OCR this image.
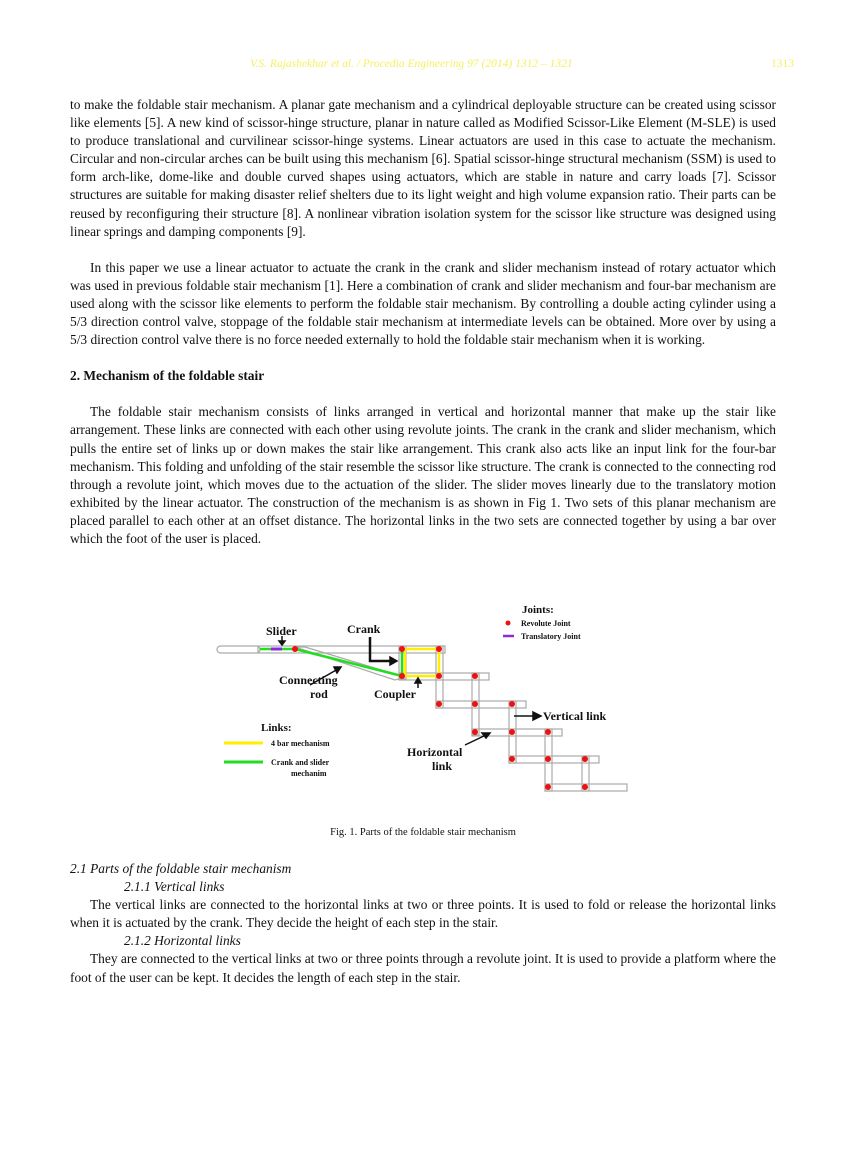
V.S. Rajashekhar et al. / Procedia Engineering 97 (2014) 1312 – 1321	1313

to make the foldable stair mechanism. A planar gate mechanism and a cylindrical deployable structure can be created using scissor like elements [5]. A new kind of scissor-hinge structure, planar in nature called as Modified Scissor-Like Element (M-SLE) is used to produce translational and curvilinear scissor-hinge systems. Linear actuators are used in this case to actuate the mechanism. Circular and non-circular arches can be built using this mechanism [6]. Spatial scissor-hinge structural mechanism (SSM) is used to form arch-like, dome-like and double curved shapes using actuators, which are stable in nature and carry loads [7]. Scissor structures are suitable for making disaster relief shelters due to its light weight and high volume expansion ratio. Their parts can be reused by reconfiguring their structure [8]. A nonlinear vibration isolation system for the scissor like structure was designed using linear springs and damping components [9].

In this paper we use a linear actuator to actuate the crank in the crank and slider mechanism instead of rotary actuator which was used in previous foldable stair mechanism [1]. Here a combination of crank and slider mechanism and four-bar mechanism are used along with the scissor like elements to perform the foldable stair mechanism. By controlling a double acting cylinder using a 5/3 direction control valve, stoppage of the foldable stair mechanism at intermediate levels can be obtained. More over by using a 5/3 direction control valve there is no force needed externally to hold the foldable stair mechanism when it is working.

2. Mechanism of the foldable stair

The foldable stair mechanism consists of links arranged in vertical and horizontal manner that make up the stair like arrangement. These links are connected with each other using revolute joints. The crank in the crank and slider mechanism, which pulls the entire set of links up or down makes the stair like arrangement. This crank also acts like an input link for the four-bar mechanism. This folding and unfolding of the stair resemble the scissor like structure. The crank is connected to the connecting rod through a revolute joint, which moves due to the actuation of the slider. The slider moves linearly due to the translatory motion exhibited by the linear actuator. The construction of the mechanism is as shown in Fig 1. Two sets of this planar mechanism are placed parallel to each other at an offset distance. The horizontal links in the two sets are connected together by using a bar over which the foot of the user is placed.

Slider	Crank
Connecting
rod	Coupler
Vertical link
Horizontal
link
Joints:
Revolute Joint
Translatory Joint
Links:
4 bar mechanism
Crank and slider
mechanim
Fig. 1. Parts of the foldable stair mechanism

2.1 Parts of the foldable stair mechanism

2.1.1 Vertical links

The vertical links are connected to the horizontal links at two or three points. It is used to fold or release the horizontal links when it is actuated by the crank. They decide the height of each step in the stair.

2.1.2 Horizontal links

They are connected to the vertical links at two or three points through a revolute joint. It is used to provide a platform where the foot of the user can be kept. It decides the length of each step in the stair.
